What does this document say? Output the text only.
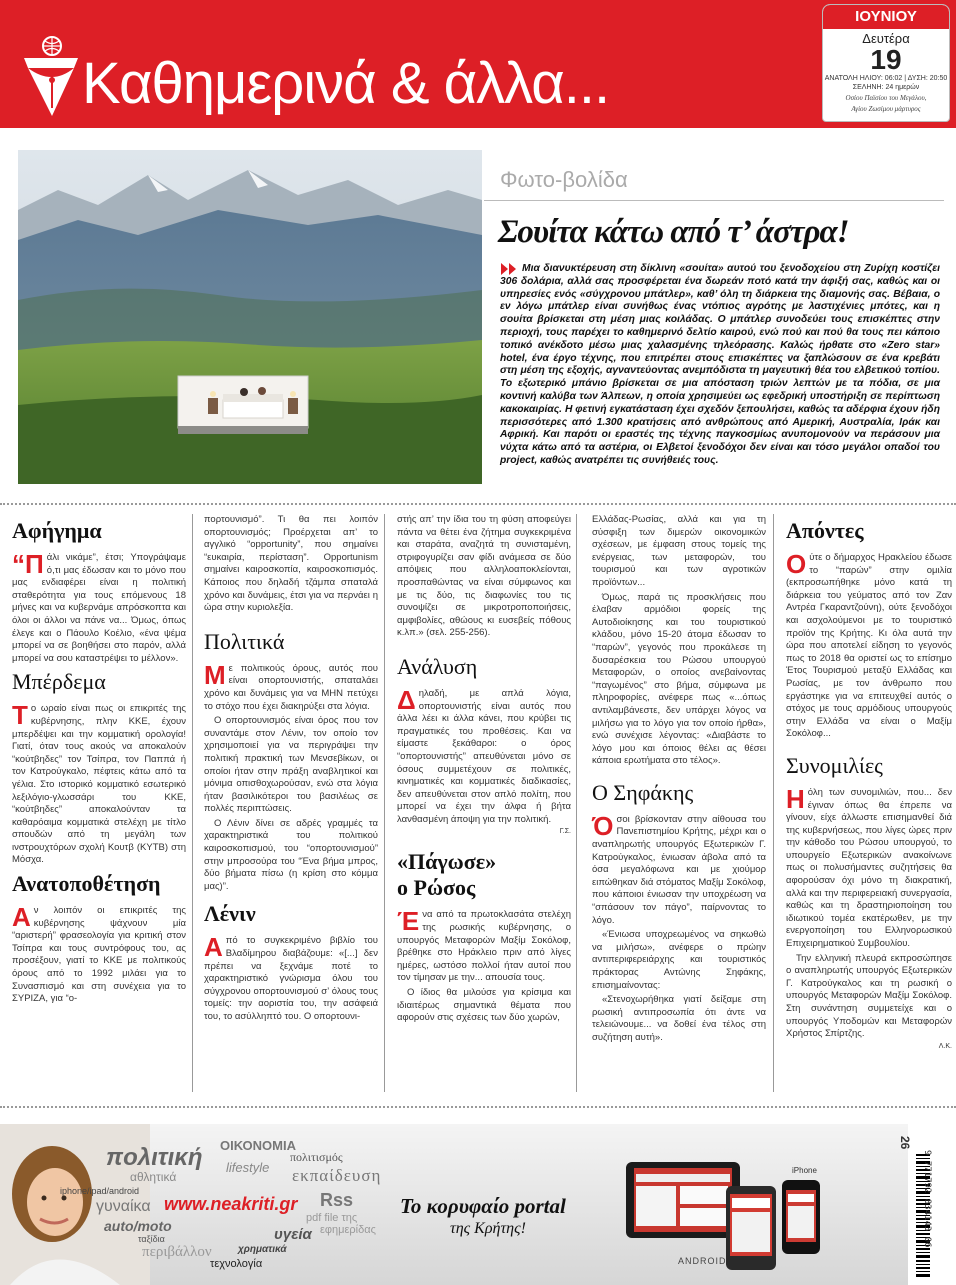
Καθημερινά & άλλα...
ΙΟΥΝΙΟΥ
Δευτέρα
19
ΑΝΑΤΟΛΗ ΗΛΙΟΥ: 06:02 | ΔΥΣΗ: 20:50
ΣΕΛΗΝΗ: 24 ημερών
Οσίου Παϊσίου του Μεγάλου,
Αγίου Ζωσίμου μάρτυρος
Φωτο-βολίδα
Σουίτα κάτω από τ’ άστρα!
Μια διανυκτέρευση στη δίκλινη «σουίτα» αυτού του ξενοδοχείου στη Ζυρίχη κοστίζει 306 δολάρια, αλλά σας προσφέρεται ένα δωρεάν ποτό κατά την άφιξή σας, καθώς και οι υπηρεσίες ενός «σύγχρονου μπάτλερ», καθ’ όλη τη διάρκεια της διαμονής σας. Βέβαια, ο εν λόγω μπάτλερ είναι συνήθως ένας ντόπιος αγρότης με λαστιχένιες μπότες, και η σουίτα βρίσκεται στη μέση μιας κοιλάδας. Ο μπάτλερ συνοδεύει τους επισκέπτες στην περιοχή, τους παρέχει το καθημερινό δελτίο καιρού, ενώ πού και πού θα τους πει κάποιο τοπικό ανέκδοτο μέσω μιας χαλασμένης τηλεόρασης. Καλώς ήρθατε στο «Zero star» hotel, ένα έργο τέχνης, που επιτρέπει στους επισκέπτες να ξαπλώσουν σε ένα κρεβάτι στη μέση της εξοχής, αγναντεύοντας ανεμπόδιστα τη μαγευτική θέα του ελβετικού τοπίου. Το εξωτερικό μπάνιο βρίσκεται σε μια απόσταση τριών λεπτών με τα πόδια, σε μια κοντινή καλύβα των Άλπεων, η οποία χρησιμεύει ως εφεδρική υποστήριξη σε περίπτωση κακοκαιρίας. Η φετινή εγκατάσταση έχει σχεδόν ξεπουλήσει, καθώς τα αδέρφια έχουν ήδη περισσότερες από 1.300 κρατήσεις από ανθρώπους από Αμερική, Αυστραλία, Ιράκ και Αφρική. Και παρότι οι εραστές της τέχνης παγκοσμίως ανυπομονούν να περάσουν μια νύχτα κάτω από τα αστέρια, οι Ελβετοί ξενοδόχοι δεν είναι και τόσο μεγάλοι οπαδοί του project, καθώς ανατρέπει τις συνήθειές τους.
Αφήγημα
“Πάλι νικάμε”, έτσι; Υπογράψαμε ό,τι μας έδωσαν και το μόνο που μας ενδιαφέρει είναι η πολιτική σταθερότητα για τους επόμενους 18 μήνες και να κυβερνάμε απρόσκοπτα και όλοι οι άλλοι να πάνε να... Όμως, όπως έλεγε και ο Πάουλο Κοέλιο, «ένα ψέμα μπορεί να σε βοηθήσει στο παρόν, αλλά μπορεί να σου καταστρέψει το μέλλον».
Μπέρδεμα
Το ωραίο είναι πως οι επικριτές της κυβέρνησης, πλην ΚΚΕ, έχουν μπερδέψει και την κομματική ορολογία! Γιατί, όταν τους ακούς να αποκαλούν “κούτβηδες” τον Τσίπρα, τον Παππά ή τον Κατρούγκαλο, πέφτεις κάτω από τα γέλια. Στο ιστορικό κομματικό εσωτερικό λεξιλόγιο-γλωσσάρι του ΚΚΕ, “κούτβηδες” αποκαλούνταν τα καθαρόαιμα κομματικά στελέχη με τίτλο σπουδών από τη μεγάλη των ινστρουχτόρων σχολή Κουτβ (ΚΥΤΒ) στη Μόσχα.
Ανατοποθέτηση
Αν λοιπόν οι επικριτές της κυβέρνησης ψάχνουν μία “αριστερή” φρασεολογία για κριτική στον Τσίπρα και τους συντρόφους του, ας προσέξουν, γιατί το ΚΚΕ με πολιτικούς όρους από το 1992 μιλάει για το Συνασπισμό και στη συνέχεια για το ΣΥΡΙΖΑ, για “ο-
πορτουνισμό”. Τι θα πει λοιπόν οπορτουνισμός; Προέρχεται απ’ το αγγλικό “opportunity”, που σημαίνει “ευκαιρία, περίσταση”. Opportunism σημαίνει καιροσκοπία, καιροσκοπισμός. Κάποιος που δηλαδή τζάμπα σπαταλά χρόνο και δυνάμεις, έτσι για να περνάει η ώρα στην κυριολεξία.
Πολιτικά
Με πολιτικούς όρους, αυτός που είναι οπορτουνιστής, σπαταλάει χρόνο και δυνάμεις για να ΜΗΝ πετύχει το στόχο που έχει διακηρύξει στα λόγια.
Ο οπορτουνισμός είναι όρος που τον συναντάμε στον Λένιν, τον οποίο τον χρησιμοποιεί για να περιγράψει την πολιτική πρακτική των Μενσεβίκων, οι οποίοι ήταν στην πράξη αναβλητικοί και μόνιμα οπισθοχωρούσαν, ενώ στα λόγια ήταν βασιλικότεροι του βασιλέως σε πολλές περιπτώσεις.
Ο Λένιν δίνει σε αδρές γραμμές τα χαρακτηριστικά του πολιτικού καιροσκοπισμού, του “οπορτουνισμού” στην μπροσούρα του “Ένα βήμα μπρος, δύο βήματα πίσω (η κρίση στο κόμμα μας)”.
Λένιν
Από το συγκεκριμένο βιβλίο του Βλαδίμηρου διαβάζουμε: «[...] δεν πρέπει να ξεχνάμε ποτέ το χαρακτηριστικό γνώρισμα όλου του σύγχρονου οπορτουνισμού σ’ όλους τους τομείς: την αοριστία του, την ασάφειά του, το ασύλληπτό του. Ο οπορτουνι-
στής απ’ την ίδια του τη φύση αποφεύγει πάντα να θέτει ένα ζήτημα συγκεκριμένα και σταράτα, αναζητά τη συνισταμένη, στριφογυρίζει σαν φίδι ανάμεσα σε δύο απόψεις που αλληλοαποκλείονται, προσπαθώντας να είναι σύμφωνος και με τις δύο, τις διαφωνίες του τις συνοψίζει σε μικροτροποποιήσεις, αμφιβολίες, αθώους κι ευσεβείς πόθους κ.λπ.» (σελ. 255-256).
Ανάλυση
Δηλαδή, με απλά λόγια, οπορτουνιστής είναι αυτός που άλλα λέει κι άλλα κάνει, που κρύβει τις πραγματικές του προθέσεις. Και να είμαστε ξεκάθαροι: ο όρος “οπορτουνιστής” απευθύνεται μόνο σε όσους συμμετέχουν σε πολιτικές, κινηματικές και κομματικές διαδικασίες, δεν απευθύνεται στον απλό πολίτη, που μπορεί να έχει την άλφα ή βήτα λανθασμένη άποψη για την πολιτική.
Γ.Σ.
«Πάγωσε»
ο Ρώσος
Ένα από τα πρωτοκλασάτα στελέχη της ρωσικής κυβέρνησης, ο υπουργός Μεταφορών Μαξίμ Σοκόλοφ, βρέθηκε στο Ηράκλειο πριν από λίγες ημέρες, ωστόσο πολλοί ήταν αυτοί που τον τίμησαν με την... απουσία τους.
Ο ίδιος θα μιλούσε για κρίσιμα και ιδιαιτέρως σημαντικά θέματα που αφορούν στις σχέσεις των δύο χωρών,
Ελλάδας-Ρωσίας, αλλά και για τη σύσφιξη των διμερών οικονομικών σχέσεων, με έμφαση στους τομείς της ενέργειας, των μεταφορών, του τουρισμού και των αγροτικών προϊόντων...
Όμως, παρά τις προσκλήσεις που έλαβαν αρμόδιοι φορείς της Αυτοδιοίκησης και του τουριστικού κλάδου, μόνο 15-20 άτομα έδωσαν το “παρών”, γεγονός που προκάλεσε τη δυσαρέσκεια του Ρώσου υπουργού Μεταφορών, ο οποίος ανεβαίνοντας “παγωμένος” στο βήμα, σύμφωνα με πληροφορίες, ανέφερε πως «...όπως αντιλαμβάνεστε, δεν υπάρχει λόγος να μιλήσω για το λόγο για τον οποίο ήρθα», ενώ συνέχισε λέγοντας: «Διαβάστε το λόγο μου και όποιος θέλει ας θέσει κάποια ερωτήματα στο τέλος».
Ο Σηφάκης
Όσοι βρίσκονταν στην αίθουσα του Πανεπιστημίου Κρήτης, μέχρι και ο αναπληρωτής υπουργός Εξωτερικών Γ. Κατρούγκαλος, ένιωσαν άβολα από τα όσα μεγαλόφωνα και με χιούμορ ειπώθηκαν διά στόματος Μαξίμ Σοκόλοφ, που κάποιοι ένιωσαν την υποχρέωση να “σπάσουν τον πάγο”, παίρνοντας το λόγο.
«Ένιωσα υποχρεωμένος να σηκωθώ να μιλήσω», ανέφερε ο πρώην αντιπεριφερειάρχης και τουριστικός πράκτορας Αντώνης Σηφάκης, επισημαίνοντας:
«Στενοχωρήθηκα γιατί δείξαμε στη ρωσική αντιπροσωπία ότι άντε να τελειώνουμε... να δοθεί ένα τέλος στη συζήτηση αυτή».
Απόντες
Ούτε ο δήμαρχος Ηρακλείου έδωσε το “παρών” στην ομιλία (εκπροσωπήθηκε μόνο κατά τη διάρκεια του γεύματος από τον Ζαν Αντρέα Γκαραντζούνη), ούτε ξενοδόχοι και ασχολούμενοι με το τουριστικό προϊόν της Κρήτης. Κι όλα αυτά την ώρα που αποτελεί είδηση το γεγονός πως το 2018 θα οριστεί ως το επίσημο Έτος Τουρισμού μεταξύ Ελλάδας και Ρωσίας, με τον άνθρωπο που εργάστηκε για να επιτευχθεί αυτός ο στόχος με τους αρμόδιους υπουργούς στην Ελλάδα να είναι ο Μαξίμ Σοκόλοφ...
Συνομιλίες
Ηόλη των συνομιλιών, που... δεν έγιναν όπως θα έπρεπε να γίνουν, είχε άλλωστε επισημανθεί διά της κυβερνήσεως, που λίγες ώρες πριν την κάθοδο του Ρώσου υπουργού, το υπουργείο Εξωτερικών ανακοίνωνε πως οι πολυσήμαντες συζητήσεις θα αφορούσαν όχι μόνο τη διακρατική, αλλά και την περιφερειακή συνεργασία, καθώς και τη δραστηριοποίηση του ιδιωτικού τομέα εκατέρωθεν, με την ενεργοποίηση του Ελληνορωσικού Επιχειρηματικού Συμβουλίου.
Την ελληνική πλευρά εκπροσώπησε ο αναπληρωτής υπουργός Εξωτερικών Γ. Κατρούγκαλος και τη ρωσική ο υπουργός Μεταφορών Μαξίμ Σοκόλοφ. Στη συνάντηση συμμετείχε και ο υπουργός Υποδομών και Μεταφορών Χρήστος Σπίρτζης.
Λ.Κ.
πολιτική ΟΙΚΟΝΟΜΙΑ
πολιτισμός
αθλητικά
lifestyle εκπαίδευση
iphone/ipad/android
www.neakriti.gr Rss
γυναίκα
pdf file της
εφημερίδας
auto/moto
ταξίδια	υγεία
περιβάλλον	χρηματικά
τεχνολογία
Το κορυφαίο portal
της Κρήτης!
iPhone
ANDROID
26
9 771792 834143 06
